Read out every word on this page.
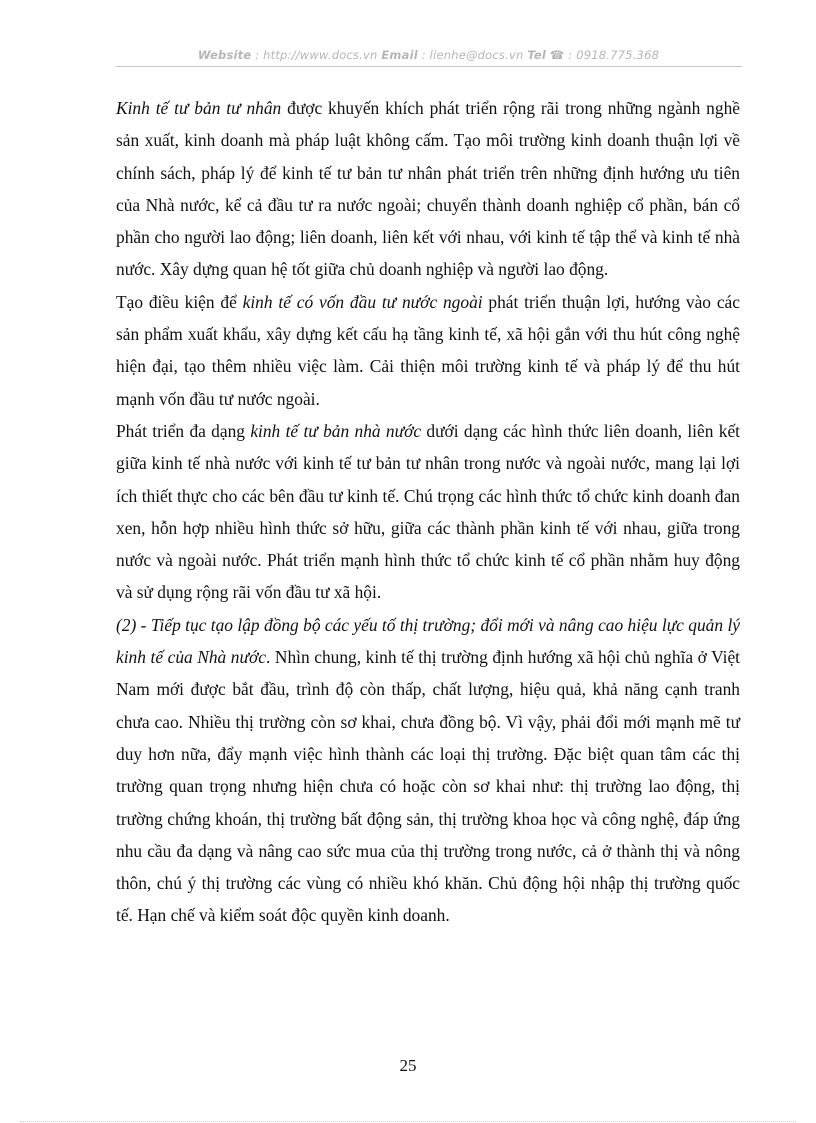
Website : http://www.docs.vn Email : lienhe@docs.vn Tel ☎ : 0918.775.368

Kinh tế tư bản tư nhân được khuyến khích phát triển rộng rãi trong những ngành nghề sản xuất, kinh doanh mà pháp luật không cấm. Tạo môi trường kinh doanh thuận lợi về chính sách, pháp lý để kinh tế tư bản tư nhân phát triển trên những định hướng ưu tiên của Nhà nước, kể cả đầu tư ra nước ngoài; chuyển thành doanh nghiệp cổ phần, bán cổ phần cho người lao động; liên doanh, liên kết với nhau, với kinh tế tập thể và kinh tế nhà nước. Xây dựng quan hệ tốt giữa chủ doanh nghiệp và người lao động.

Tạo điều kiện để kinh tế có vốn đầu tư nước ngoài phát triển thuận lợi, hướng vào các sản phẩm xuất khẩu, xây dựng kết cấu hạ tầng kinh tế, xã hội gắn với thu hút công nghệ hiện đại, tạo thêm nhiều việc làm. Cải thiện môi trường kinh tế và pháp lý để thu hút mạnh vốn đầu tư nước ngoài.

Phát triển đa dạng kinh tế tư bản nhà nước dưới dạng các hình thức liên doanh, liên kết giữa kinh tế nhà nước với kinh tế tư bản tư nhân trong nước và ngoài nước, mang lại lợi ích thiết thực cho các bên đầu tư kinh tế. Chú trọng các hình thức tổ chức kinh doanh đan xen, hỗn hợp nhiều hình thức sở hữu, giữa các thành phần kinh tế với nhau, giữa trong nước và ngoài nước. Phát triển mạnh hình thức tổ chức kinh tế cổ phần nhằm huy động và sử dụng rộng rãi vốn đầu tư xã hội.

(2) - Tiếp tục tạo lập đồng bộ các yếu tố thị trường; đổi mới và nâng cao hiệu lực quản lý kinh tế của Nhà nước. Nhìn chung, kinh tế thị trường định hướng xã hội chủ nghĩa ở Việt Nam mới được bắt đầu, trình độ còn thấp, chất lượng, hiệu quả, khả năng cạnh tranh chưa cao. Nhiều thị trường còn sơ khai, chưa đồng bộ. Vì vậy, phải đổi mới mạnh mẽ tư duy hơn nữa, đẩy mạnh việc hình thành các loại thị trường. Đặc biệt quan tâm các thị trường quan trọng nhưng hiện chưa có hoặc còn sơ khai như: thị trường lao động, thị trường chứng khoán, thị trường bất động sản, thị trường khoa học và công nghệ, đáp ứng nhu cầu đa dạng và nâng cao sức mua của thị trường trong nước, cả ở thành thị và nông thôn, chú ý thị trường các vùng có nhiều khó khăn. Chủ động hội nhập thị trường quốc tế. Hạn chế và kiểm soát độc quyền kinh doanh.

25
